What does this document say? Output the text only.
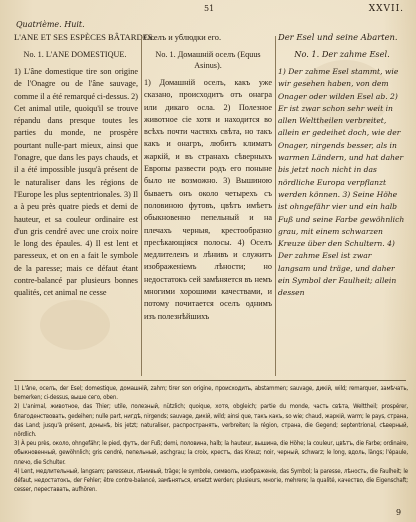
Quatrième. Huit.
51	XXVII.
L'ANE ET SES ESPÈCES BÂTARDES.
No. 1. L'ANE DOMESTIQUE.
1) L'âne domestique tire son origine de l'Onagre ou de l'âne sauvage, comme il a été remarqué ci-dessus. 2) Cet animal utile, quoiqu'il se trouve répandu dans presque toutes les parties du monde, ne prospère pourtant nulle-part mieux, ainsi que l'onagre, que dans les pays chauds, et il a été impossible jusqu'à présent de le naturaliser dans les régions de l'Europe les plus septentrionales. 3) Il a à peu près quatre pieds et demi de hauteur, et sa couleur ordinaire est d'un gris cendré avec une croix noire le long des épaules. 4) Il est lent et paresseux, et on en a fait le symbole de la paresse; mais ce défaut étant contre-balancé par plusieurs bonnes qualités, cet animal ne cesse
Оселъ и ублюдки его.
No. 1. Домашній оселъ (Equus Asinus).
1) Домашній оселъ, какъ уже сказано, происходитъ отъ онагра или дикаго осла. 2) Полезное животное сіе хотя и находится во всѣхъ почти частяхъ свѣта, но такъ какъ и онагръ, любитъ климатъ жаркій, и въ странахъ сѣверныхъ Европы развести родъ его поныне было не возможно. 3) Вышиною бываетъ онъ около четырехъ съ половиною футовъ, цвѣтъ имѣетъ обыкновенно пепельный и на плечахъ черныя, крестообразно пресѣкающіяся полосы. 4) Оселъ медлителенъ и лѣнивъ и служитъ изображеніемъ лѣности; но недостатокъ сей замѣняется въ немъ многими хорошими качествами, и потому почитается оселъ однимъ изъ полезнѣйшихъ
Der Esel und seine Abarten.
No. 1. Der zahme Esel.
1) Der zahme Esel stammt, wie wir gesehen haben, von dem Onager oder wilden Esel ab. 2) Er ist zwar schon sehr weit in allen Welttheilen verbreitet, allein er gedeihet doch, wie der Onager, nirgends besser, als in warmen Ländern, und hat daher bis jetzt noch nicht in das nördliche Europa verpflanzt werden können. 3) Seine Höhe ist ohngefähr vier und ein halb Fuß und seine Farbe gewöhnlich grau, mit einem schwarzen Kreuze über den Schultern. 4) Der zahme Esel ist zwar langsam und träge, und daher ein Symbol der Faulheit; allein dessen
1) L'âne, ocелъ, der Esel; domestique, домашній, zahm; tirer son origine, происходить, abstammen; sauvage, дикій, wild; remarquer, замѣчать, bemerken; ci-dessus, выше сего, oben.
2) L'animal, животное, das Thier; utile, полезный, nützlich; quoique, хотя, obgleich; partie du monde, часть свѣта, Welttheil; prospérer, благоденствовать, gedeihen; nulle part, нигдѣ, nirgends; sauvage, дикій, wild; ainsi que, такъ какъ, so wie; chaud, жаркій, warm; le pays, страна, das Land; jusqu'à présent, донынѣ, bis jetzt; naturaliser, распространять, verbreiten; la région, страна, die Gegend; septentrional, сѣверный, nördlich.
3) À peu près, около, ohngefähr; le pied, футъ, der Fuß; demi, половина, halb; la hauteur, вышина, die Höhe; la couleur, цвѣтъ, die Farbe; ordinaire, обыкновенный, gewöhnlich; gris cendré, пепельный, aschgrau; la croix, крестъ, das Kreuz; noir, черный, schwarz; le long, вдоль, längs; l'épaule, плечо, die Schulter.
4) Lent, медлительный, langsam; paresseux, лѣнивый, träge; le symbole, символъ, изображеніе, das Symbol; la paresse, лѣность, die Faulheit; le défaut, недостатокъ, der Fehler; être contre-balancé, замѣняться, ersetzt werden; plusieurs, многіе, mehrere; la qualité, качество, die Eigenschaft; cesser, переставать, aufhören.
9
